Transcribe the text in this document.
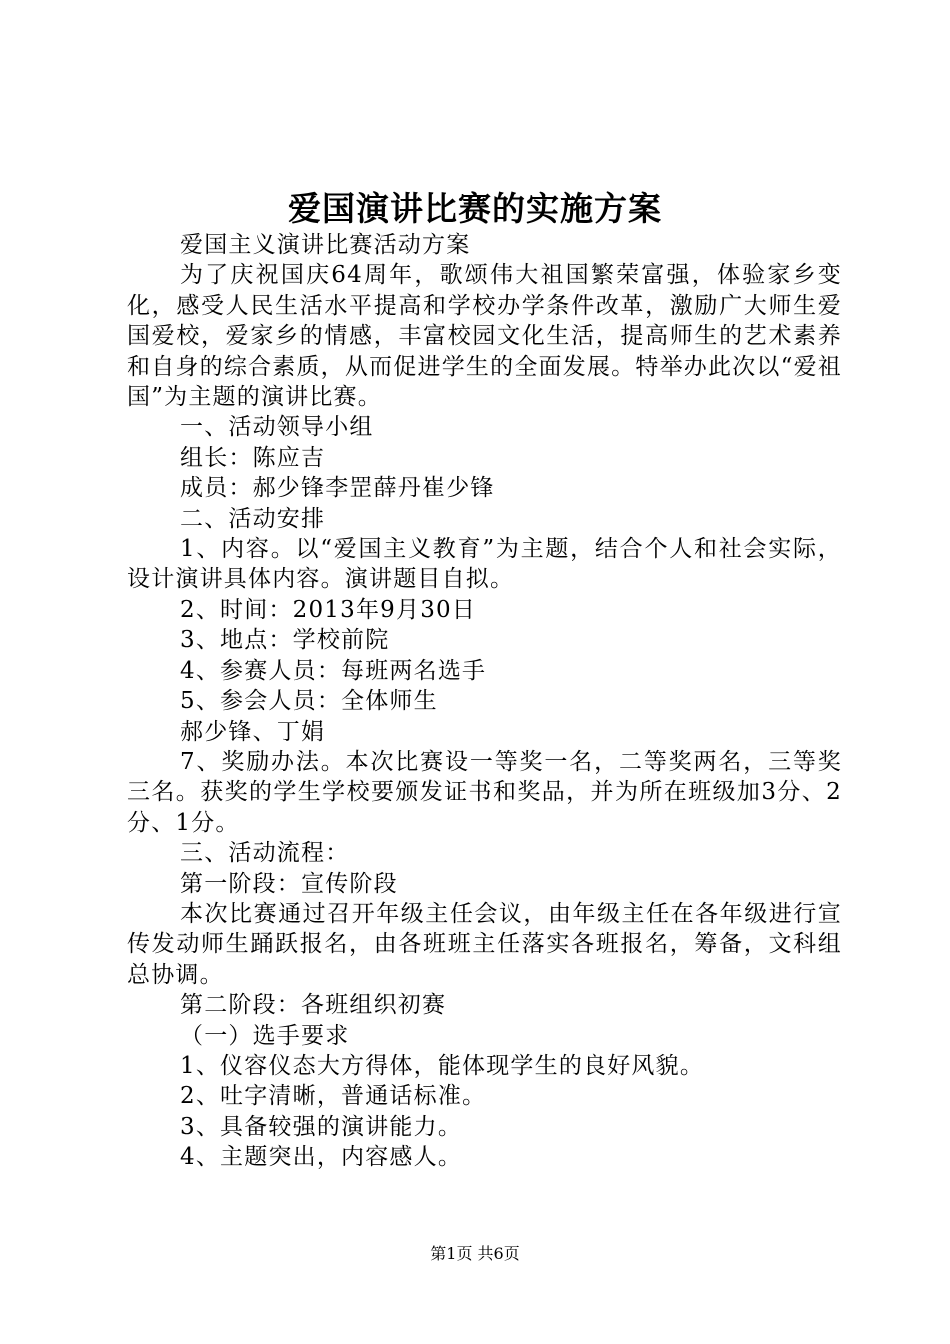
爱国演讲比赛的实施方案

爱国主义演讲比赛活动方案

为了庆祝国庆64周年，歌颂伟大祖国繁荣富强，体验家乡变化，感受人民生活水平提高和学校办学条件改革，激励广大师生爱国爱校，爱家乡的情感，丰富校园文化生活，提高师生的艺术素养和自身的综合素质，从而促进学生的全面发展。特举办此次以“爱祖国”为主题的演讲比赛。

一、活动领导小组

组长：陈应吉

成员：郝少锋李罡薛丹崔少锋

二、活动安排

1、内容。以“爱国主义教育”为主题，结合个人和社会实际，设计演讲具体内容。演讲题目自拟。

2、时间：2013年9月30日

3、地点：学校前院

4、参赛人员：每班两名选手

5、参会人员：全体师生

郝少锋、丁娟

7、奖励办法。本次比赛设一等奖一名，二等奖两名，三等奖三名。获奖的学生学校要颁发证书和奖品，并为所在班级加3分、2分、1分。

三、活动流程：

第一阶段：宣传阶段

本次比赛通过召开年级主任会议，由年级主任在各年级进行宣传发动师生踊跃报名，由各班班主任落实各班报名，筹备，文科组总协调。

第二阶段：各班组织初赛

（一）选手要求

1、仪容仪态大方得体，能体现学生的良好风貌。

2、吐字清晰，普通话标准。

3、具备较强的演讲能力。

4、主题突出，内容感人。

第1页 共6页
